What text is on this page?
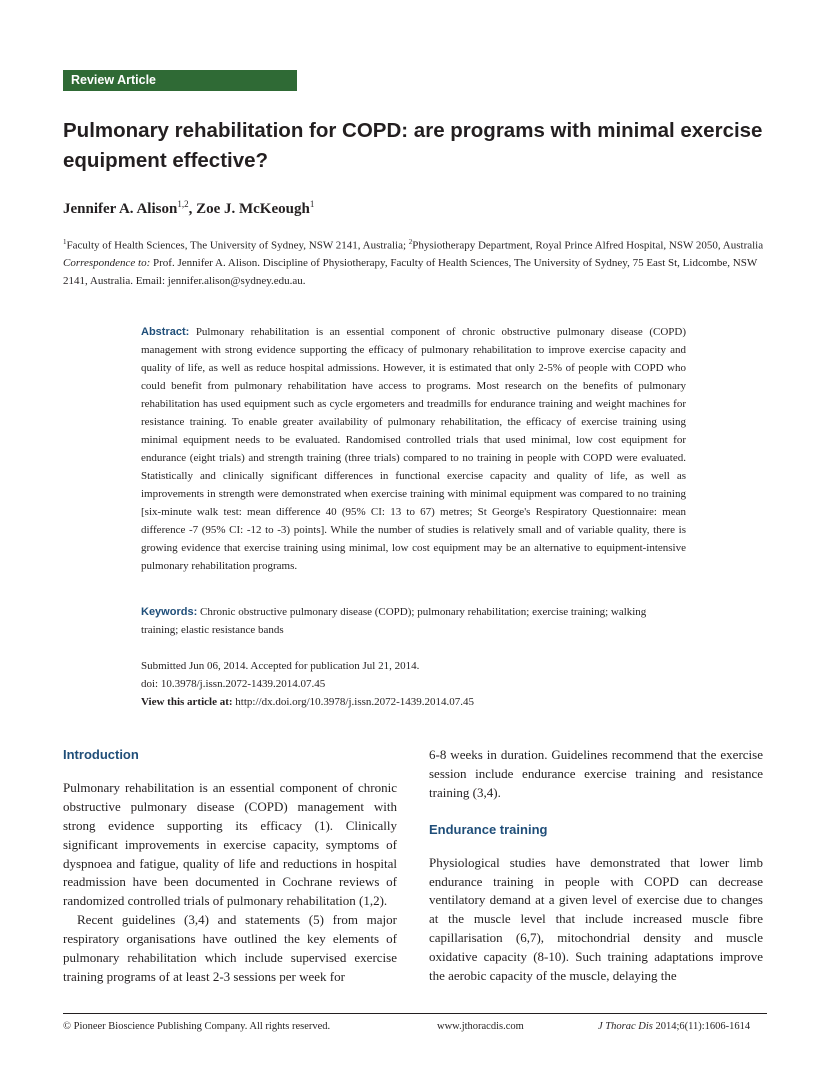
Review Article
Pulmonary rehabilitation for COPD: are programs with minimal exercise equipment effective?
Jennifer A. Alison$^{1,2}$, Zoe J. McKeough$^1$
$^1$Faculty of Health Sciences, The University of Sydney, NSW 2141, Australia; $^2$Physiotherapy Department, Royal Prince Alfred Hospital, NSW 2050, Australia
Correspondence to: Prof. Jennifer A. Alison. Discipline of Physiotherapy, Faculty of Health Sciences, The University of Sydney, 75 East St, Lidcombe, NSW 2141, Australia. Email: jennifer.alison@sydney.edu.au.

Abstract: Pulmonary rehabilitation is an essential component of chronic obstructive pulmonary disease (COPD) management with strong evidence supporting the efficacy of pulmonary rehabilitation to improve exercise capacity and quality of life, as well as reduce hospital admissions. However, it is estimated that only 2-5% of people with COPD who could benefit from pulmonary rehabilitation have access to programs. Most research on the benefits of pulmonary rehabilitation has used equipment such as cycle ergometers and treadmills for endurance training and weight machines for resistance training. To enable greater availability of pulmonary rehabilitation, the efficacy of exercise training using minimal equipment needs to be evaluated. Randomised controlled trials that used minimal, low cost equipment for endurance (eight trials) and strength training (three trials) compared to no training in people with COPD were evaluated. Statistically and clinically significant differences in functional exercise capacity and quality of life, as well as improvements in strength were demonstrated when exercise training with minimal equipment was compared to no training [six-minute walk test: mean difference 40 (95% CI: 13 to 67) metres; St George's Respiratory Questionnaire: mean difference -7 (95% CI: -12 to -3) points]. While the number of studies is relatively small and of variable quality, there is growing evidence that exercise training using minimal, low cost equipment may be an alternative to equipment-intensive pulmonary rehabilitation programs.

Keywords: Chronic obstructive pulmonary disease (COPD); pulmonary rehabilitation; exercise training; walking training; elastic resistance bands

Submitted Jun 06, 2014. Accepted for publication Jul 21, 2014.
doi: 10.3978/j.issn.2072-1439.2014.07.45
View this article at: http://dx.doi.org/10.3978/j.issn.2072-1439.2014.07.45
Introduction

Pulmonary rehabilitation is an essential component of chronic obstructive pulmonary disease (COPD) management with strong evidence supporting its efficacy (1). Clinically significant improvements in exercise capacity, symptoms of dyspnoea and fatigue, quality of life and reductions in hospital readmission have been documented in Cochrane reviews of randomized controlled trials of pulmonary rehabilitation (1,2).

Recent guidelines (3,4) and statements (5) from major respiratory organisations have outlined the key elements of pulmonary rehabilitation which include supervised exercise training programs of at least 2-3 sessions per week for

6-8 weeks in duration. Guidelines recommend that the exercise session include endurance exercise training and resistance training (3,4).

Endurance training

Physiological studies have demonstrated that lower limb endurance training in people with COPD can decrease ventilatory demand at a given level of exercise due to changes at the muscle level that include increased muscle fibre capillarisation (6,7), mitochondrial density and muscle oxidative capacity (8-10). Such training adaptations improve the aerobic capacity of the muscle, delaying the

© Pioneer Bioscience Publishing Company. All rights reserved.	www.jthoracdis.com	J Thorac Dis 2014;6(11):1606-1614
